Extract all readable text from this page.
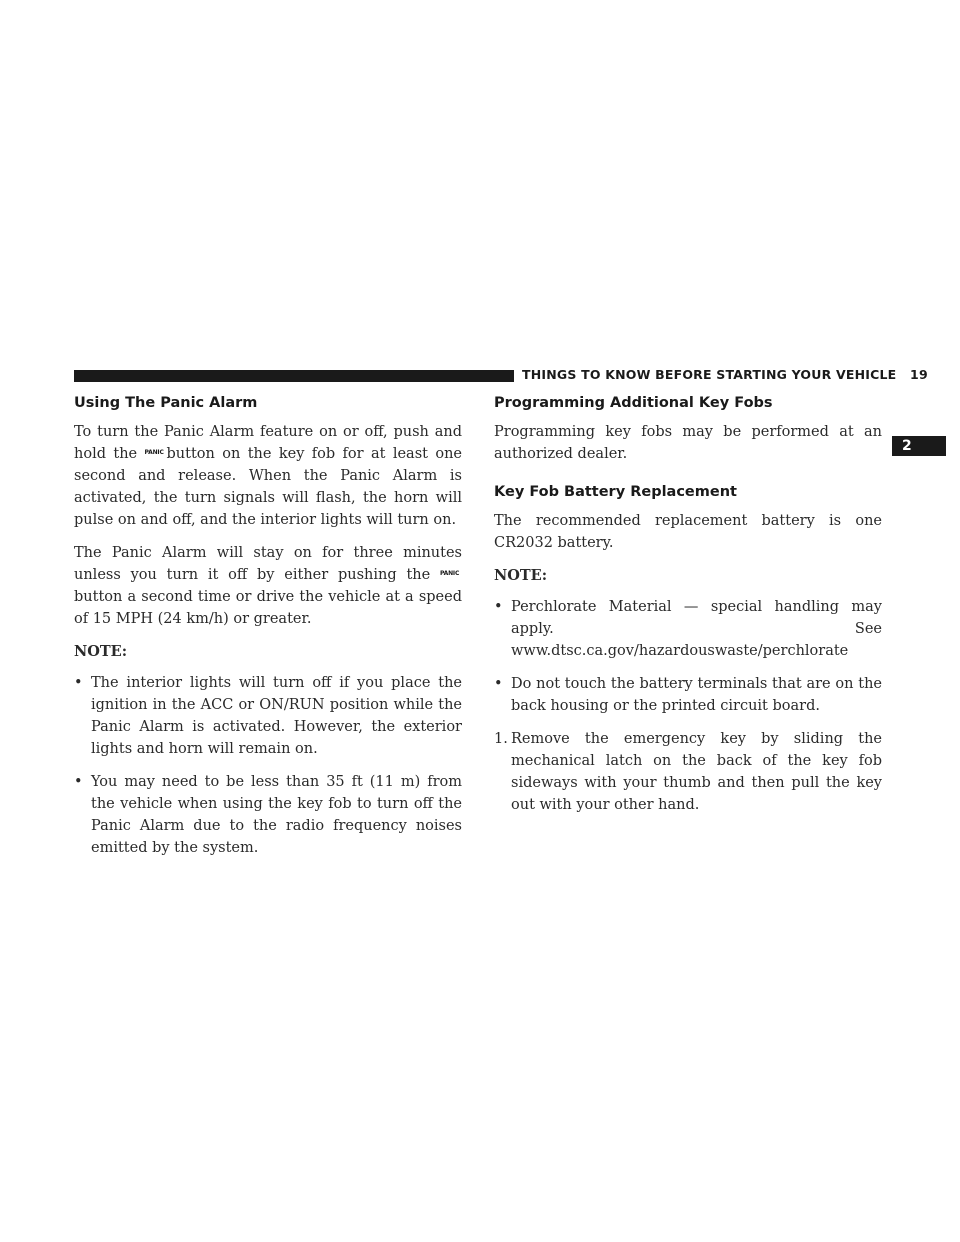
THINGS TO KNOW BEFORE STARTING YOUR VEHICLE 19
2
Using The Panic Alarm

To turn the Panic Alarm feature on or off, push and hold the PANIC button on the key fob for at least one second and release. When the Panic Alarm is activated, the turn signals will flash, the horn will pulse on and off, and the interior lights will turn on.

The Panic Alarm will stay on for three minutes unless you turn it off by either pushing the PANICbutton a second time or drive the vehicle at a speed of 15 MPH (24 km/h) or greater.

NOTE:

• The interior lights will turn off if you place the ignition in the ACC or ON/RUN position while the Panic Alarm is activated. However, the exterior lights and horn will remain on.
• You may need to be less than 35 ft (11 m) from the vehicle when using the key fob to turn off the Panic Alarm due to the radio frequency noises emitted by the system.
Programming Additional Key Fobs

Programming key fobs may be performed at an authorized dealer.

Key Fob Battery Replacement

The recommended replacement battery is one CR2032 battery.

NOTE:

• Perchlorate Material — special handling may apply. See www.dtsc.ca.gov/hazardouswaste/perchlorate
• Do not touch the battery terminals that are on the back housing or the printed circuit board.
1. Remove the emergency key by sliding the mechanical latch on the back of the key fob sideways with your thumb and then pull the key out with your other hand.
